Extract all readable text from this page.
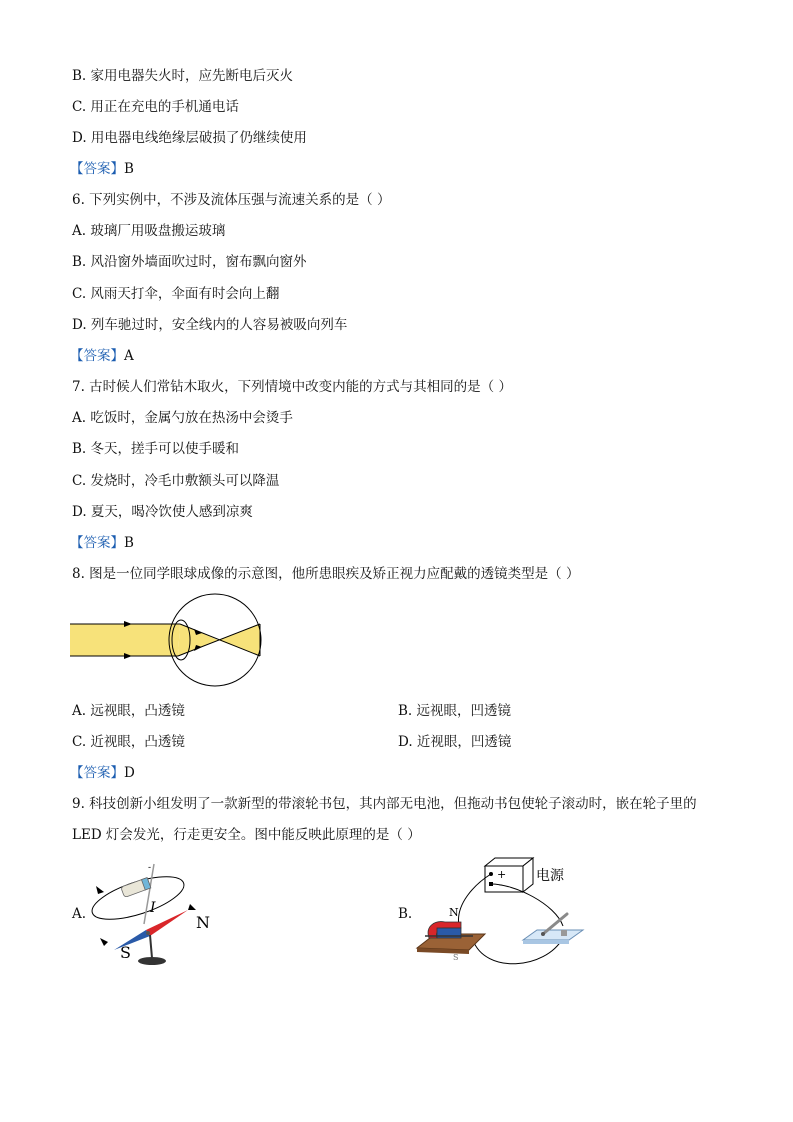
B. 家用电器失火时，应先断电后灭火
C. 用正在充电的手机通电话
D. 用电器电线绝缘层破损了仍继续使用
【答案】B
6. 下列实例中，不涉及流体压强与流速关系的是（ ）
A. 玻璃厂用吸盘搬运玻璃
B. 风沿窗外墙面吹过时，窗布飘向窗外
C. 风雨天打伞，伞面有时会向上翻
D. 列车驰过时，安全线内的人容易被吸向列车
【答案】A
7. 古时候人们常钻木取火，下列情境中改变内能的方式与其相同的是（ ）
A. 吃饭时，金属勺放在热汤中会烫手
B. 冬天，搓手可以使手暖和
C. 发烧时，冷毛巾敷额头可以降温
D. 夏天，喝冷饮使人感到凉爽
【答案】B
8. 图是一位同学眼球成像的示意图，他所患眼疾及矫正视力应配戴的透镜类型是（ ）
A. 远视眼，凸透镜	B. 远视眼，凹透镜
C. 近视眼，凸透镜	D. 近视眼，凹透镜
【答案】D
9. 科技创新小组发明了一款新型的带滚轮书包，其内部无电池，但拖动书包使轮子滚动时，嵌在轮子里的
LED 灯会发光，行走更安全。图中能反映此原理的是（ ）
A.
-
I
N
S
B.
+
-
电源
N
S
